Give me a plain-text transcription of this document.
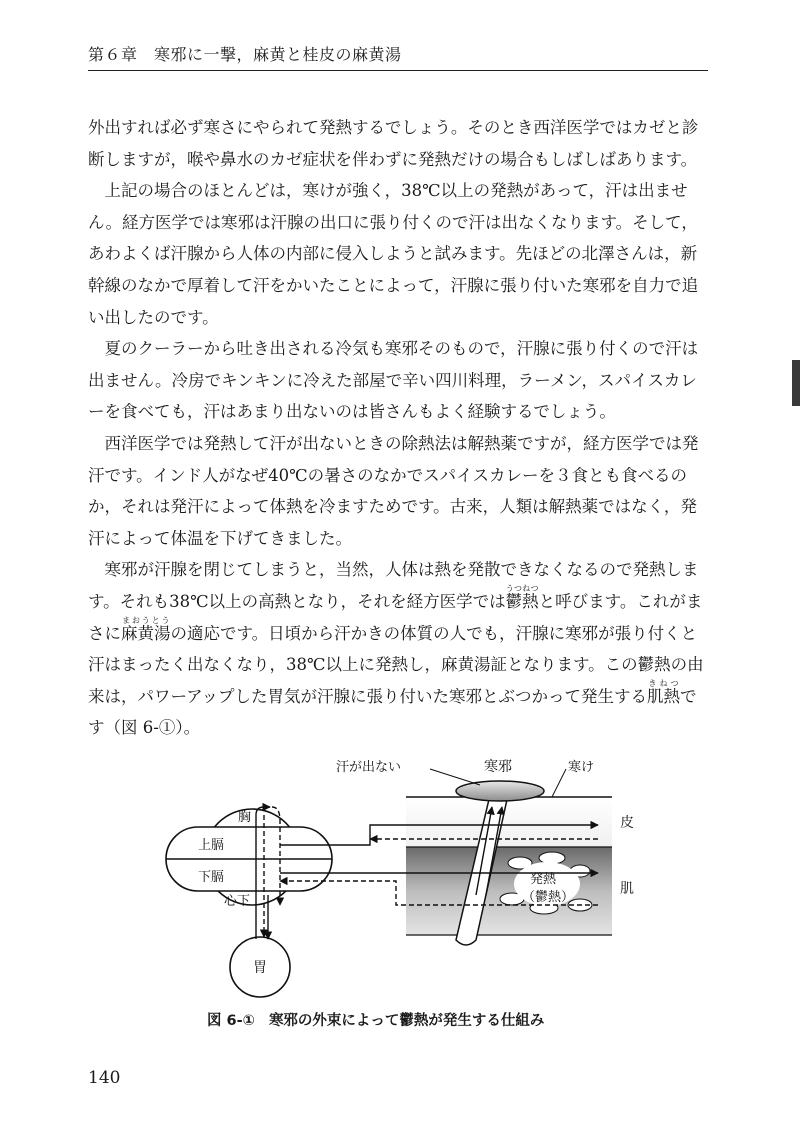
第６章　寒邪に一撃，麻黄と桂皮の麻黄湯

外出すれば必ず寒さにやられて発熱するでしょう。そのとき西洋医学ではカゼと診断しますが，喉や鼻水のカゼ症状を伴わずに発熱だけの場合もしばしばあります。

上記の場合のほとんどは，寒けが強く，38℃以上の発熱があって，汗は出ません。経方医学では寒邪は汗腺の出口に張り付くので汗は出なくなります。そして，あわよくば汗腺から人体の内部に侵入しようと試みます。先ほどの北澤さんは，新幹線のなかで厚着して汗をかいたことによって，汗腺に張り付いた寒邪を自力で追い出したのです。

夏のクーラーから吐き出される冷気も寒邪そのもので，汗腺に張り付くので汗は出ません。冷房でキンキンに冷えた部屋で辛い四川料理，ラーメン，スパイスカレーを食べても，汗はあまり出ないのは皆さんもよく経験するでしょう。

西洋医学では発熱して汗が出ないときの除熱法は解熱薬ですが，経方医学では発汗です。インド人がなぜ40℃の暑さのなかでスパイスカレーを３食とも食べるのか，それは発汗によって体熱を冷ますためです。古来，人類は解熱薬ではなく，発汗によって体温を下げてきました。

寒邪が汗腺を閉じてしまうと，当然，人体は熱を発散できなくなるので発熱します。それも38℃以上の高熱となり，それを経方医学では鬱熱うつねつと呼びます。これがまさに麻黄湯まおうとうの適応です。日頃から汗かきの体質の人でも，汗腺に寒邪が張り付くと汗はまったく出なくなり，38℃以上に発熱し，麻黄湯証となります。この鬱熱の由来は，パワーアップした胃気が汗腺に張り付いた寒邪とぶつかって発生する肌熱きねつです（図 6-①）。

発熱
（鬱熱）
汗が出ない	寒邪	寒け
皮
肌
胸
上膈
下膈
心下
胃
図 6-① 寒邪の外束によって鬱熱が発生する仕組み
140
